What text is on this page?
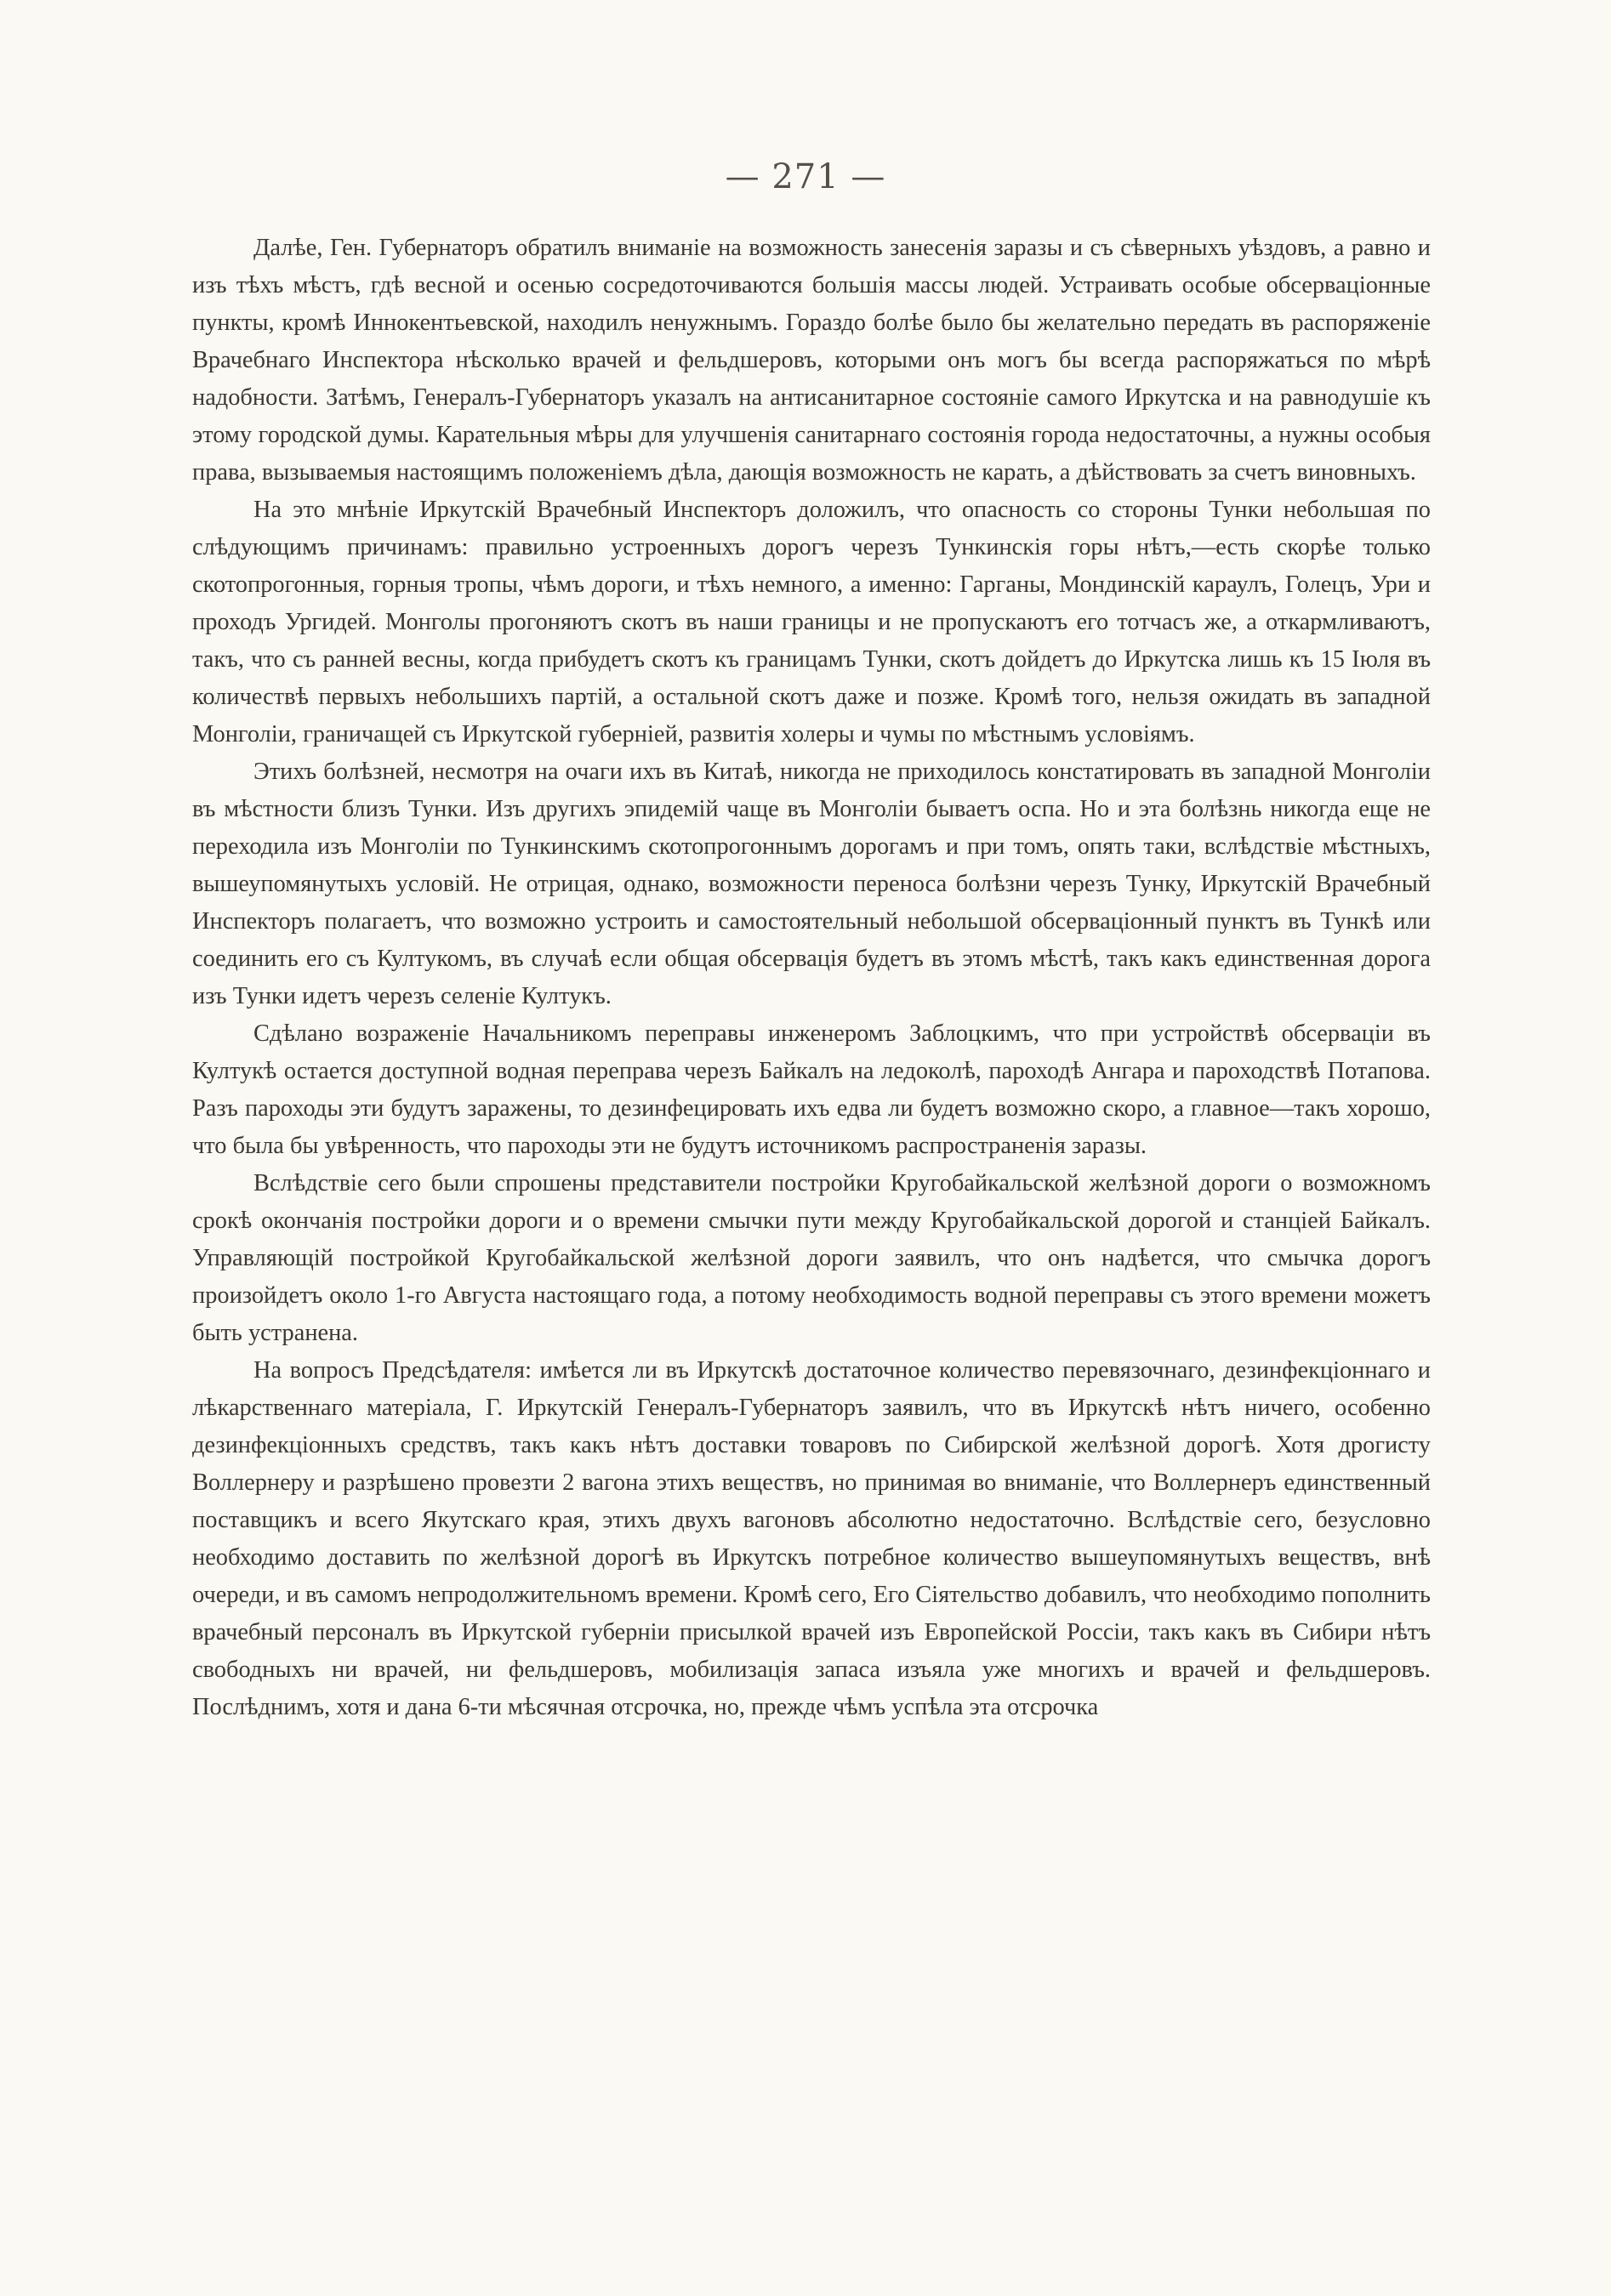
— 271 —

Далѣе, Ген. Губернаторъ обратилъ вниманіе на возможность занесенія заразы и съ сѣверныхъ уѣздовъ, а равно и изъ тѣхъ мѣстъ, гдѣ весной и осенью сосредоточиваются большія массы людей. Устраивать особые обсерваціонные пункты, кромѣ Иннокентьевской, находилъ ненужнымъ. Гораздо болѣе было бы желательно передать въ распоряженіе Врачебнаго Инспектора нѣсколько врачей и фельдшеровъ, которыми онъ могъ бы всегда распоряжаться по мѣрѣ надобности. Затѣмъ, Генералъ-Губернаторъ указалъ на антисанитарное состояніе самого Иркутска и на равнодушіе къ этому городской думы. Карательныя мѣры для улучшенія санитарнаго состоянія города недостаточны, а нужны особыя права, вызываемыя настоящимъ положеніемъ дѣла, дающія возможность не карать, а дѣйствовать за счетъ виновныхъ.

На это мнѣніе Иркутскій Врачебный Инспекторъ доложилъ, что опасность со стороны Тунки небольшая по слѣдующимъ причинамъ: правильно устроенныхъ дорогъ черезъ Тункинскія горы нѣтъ,—есть скорѣе только скотопрогонныя, горныя тропы, чѣмъ дороги, и тѣхъ немного, а именно: Гарганы, Мондинскій караулъ, Голецъ, Ури и проходъ Ургидей. Монголы прогоняютъ скотъ въ наши границы и не пропускаютъ его тотчасъ же, а откармливаютъ, такъ, что съ ранней весны, когда прибудетъ скотъ къ границамъ Тунки, скотъ дойдетъ до Иркутска лишь къ 15 Іюля въ количествѣ первыхъ небольшихъ партій, а остальной скотъ даже и позже. Кромѣ того, нельзя ожидать въ западной Монголіи, граничащей съ Иркутской губерніей, развитія холеры и чумы по мѣстнымъ условіямъ.

Этихъ болѣзней, несмотря на очаги ихъ въ Китаѣ, никогда не приходилось констатировать въ западной Монголіи въ мѣстности близъ Тунки. Изъ другихъ эпидемій чаще въ Монголіи бываетъ оспа. Но и эта болѣзнь никогда еще не переходила изъ Монголіи по Тункинскимъ скотопрогоннымъ дорогамъ и при томъ, опять таки, вслѣдствіе мѣстныхъ, вышеупомянутыхъ условій. Не отрицая, однако, возможности переноса болѣзни черезъ Тунку, Иркутскій Врачебный Инспекторъ полагаетъ, что возможно устроить и самостоятельный небольшой обсерваціонный пунктъ въ Тункѣ или соединить его съ Култукомъ, въ случаѣ если общая обсервація будетъ въ этомъ мѣстѣ, такъ какъ единственная дорога изъ Тунки идетъ черезъ селеніе Култукъ.

Сдѣлано возраженіе Начальникомъ переправы инженеромъ Заблоцкимъ, что при устройствѣ обсерваціи въ Култукѣ остается доступной водная переправа черезъ Байкалъ на ледоколѣ, пароходѣ Ангара и пароходствѣ Потапова. Разъ пароходы эти будутъ заражены, то дезинфецировать ихъ едва ли будетъ возможно скоро, а главное—такъ хорошо, что была бы увѣренность, что пароходы эти не будутъ источникомъ распространенія заразы.

Вслѣдствіе сего были спрошены представители постройки Кругобайкальской желѣзной дороги о возможномъ срокѣ окончанія постройки дороги и о времени смычки пути между Кругобайкальской дорогой и станціей Байкалъ. Управляющій постройкой Кругобайкальской желѣзной дороги заявилъ, что онъ надѣется, что смычка дорогъ произойдетъ около 1-го Августа настоящаго года, а потому необходимость водной переправы съ этого времени можетъ быть устранена.

На вопросъ Предсѣдателя: имѣется ли въ Иркутскѣ достаточное количество перевязочнаго, дезинфекціоннаго и лѣкарственнаго матеріала, Г. Иркутскій Генералъ-Губернаторъ заявилъ, что въ Иркутскѣ нѣтъ ничего, особенно дезинфекціонныхъ средствъ, такъ какъ нѣтъ доставки товаровъ по Сибирской желѣзной дорогѣ. Хотя дрогисту Воллернеру и разрѣшено провезти 2 вагона этихъ веществъ, но принимая во вниманіе, что Воллернеръ единственный поставщикъ и всего Якутскаго края, этихъ двухъ вагоновъ абсолютно недостаточно. Вслѣдствіе сего, безусловно необходимо доставить по желѣзной дорогѣ въ Иркутскъ потребное количество вышеупомянутыхъ веществъ, внѣ очереди, и въ самомъ непродолжительномъ времени. Кромѣ сего, Его Сіятельство добавилъ, что необходимо пополнить врачебный персоналъ въ Иркутской губерніи присылкой врачей изъ Европейской Россіи, такъ какъ въ Сибири нѣтъ свободныхъ ни врачей, ни фельдшеровъ, мобилизація запаса изъяла уже многихъ и врачей и фельдшеровъ. Послѣднимъ, хотя и дана 6-ти мѣсячная отсрочка, но, прежде чѣмъ успѣла эта отсрочка
